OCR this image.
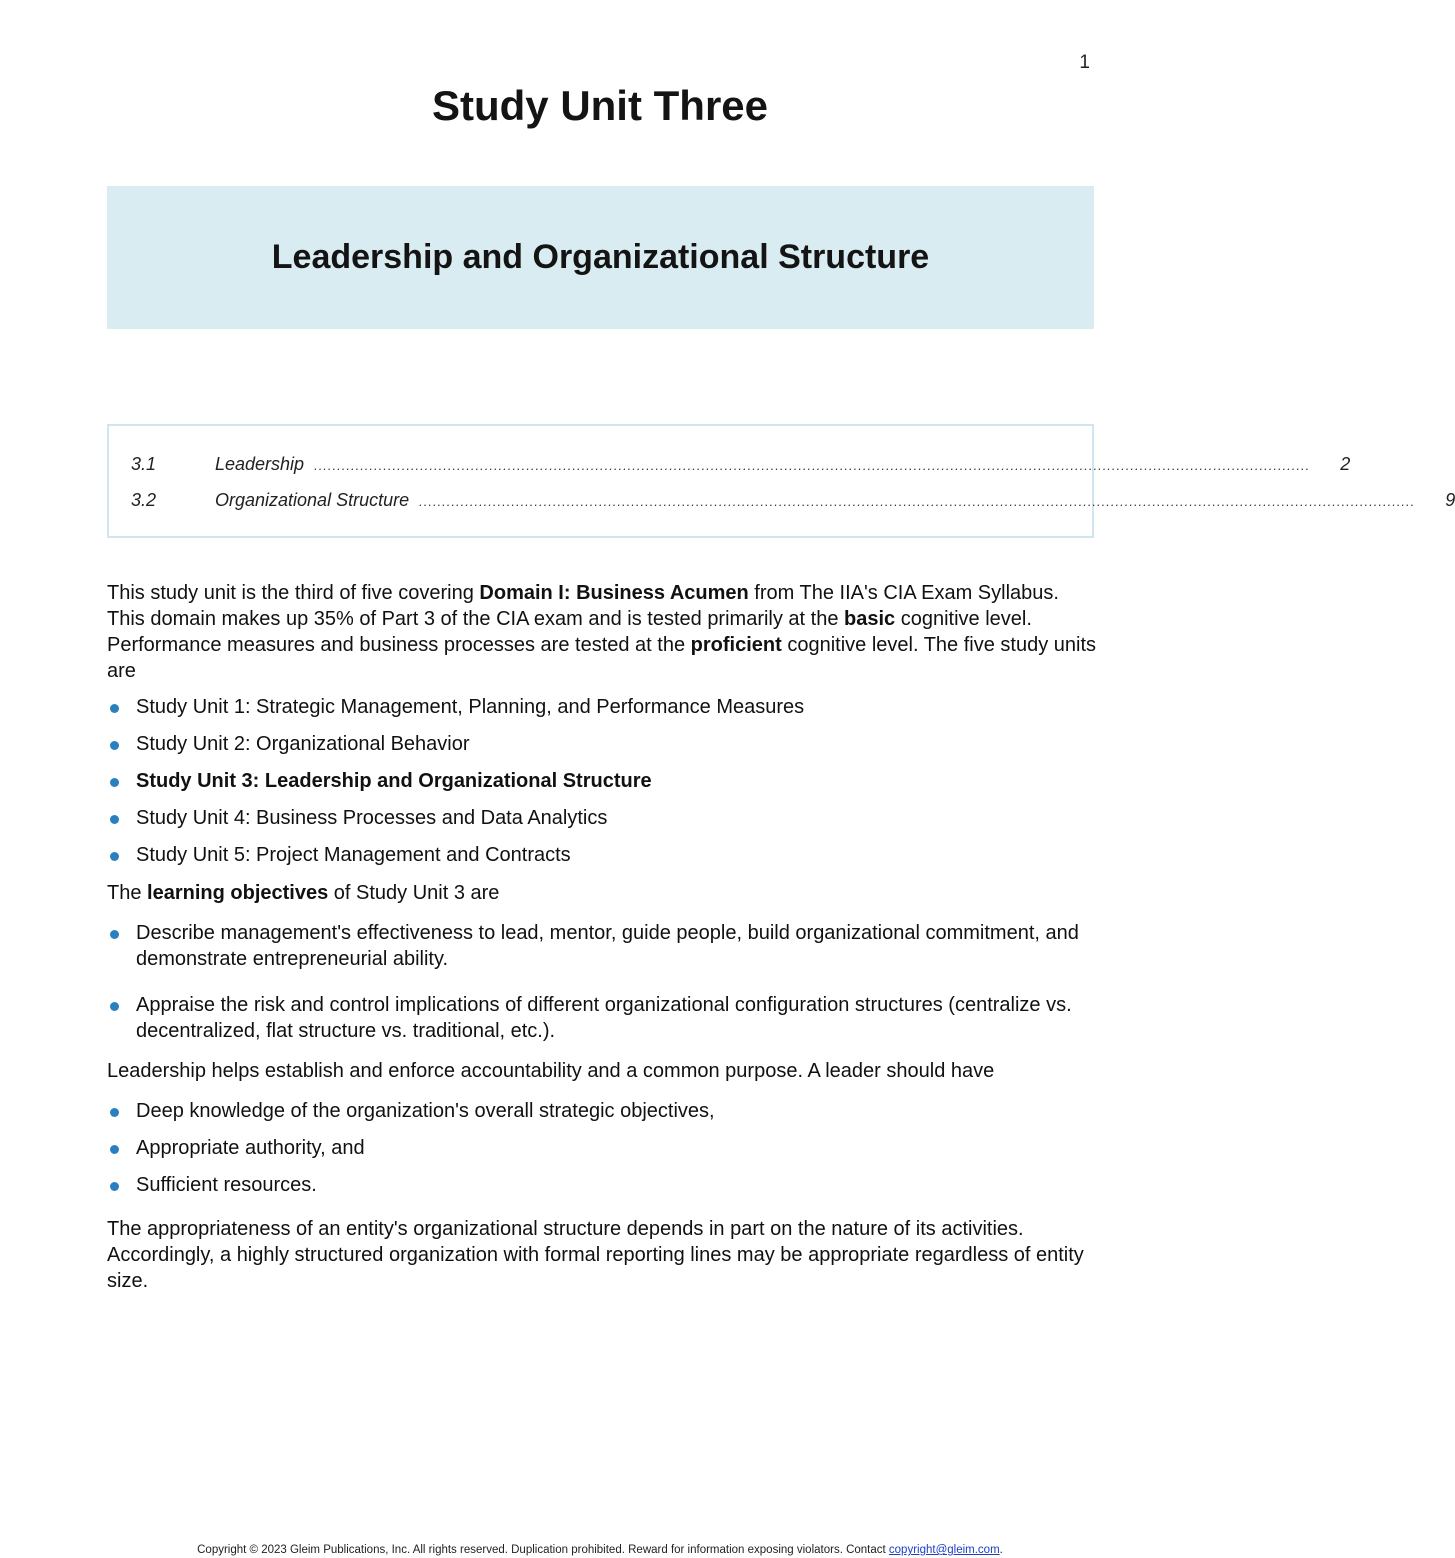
1
Study Unit Three
Leadership and Organizational Structure
3.1	Leadership ........................................................................................................................................................................................................................	2
3.2	Organizational Structure ........................................................................................................................................................................................................................	9

This study unit is the third of five covering Domain I: Business Acumen from The IIA's CIA Exam Syllabus. This domain makes up 35% of Part 3 of the CIA exam and is tested primarily at the basic cognitive level. Performance measures and business processes are tested at the proficient cognitive level. The five study units are

Study Unit 1: Strategic Management, Planning, and Performance Measures
Study Unit 2: Organizational Behavior
Study Unit 3: Leadership and Organizational Structure
Study Unit 4: Business Processes and Data Analytics
Study Unit 5: Project Management and Contracts

The learning objectives of Study Unit 3 are

Describe management's effectiveness to lead, mentor, guide people, build organizational commitment, and demonstrate entrepreneurial ability.
Appraise the risk and control implications of different organizational configuration structures (centralize vs. decentralized, flat structure vs. traditional, etc.).

Leadership helps establish and enforce accountability and a common purpose. A leader should have

Deep knowledge of the organization's overall strategic objectives,
Appropriate authority, and
Sufficient resources.

The appropriateness of an entity's organizational structure depends in part on the nature of its activities. Accordingly, a highly structured organization with formal reporting lines may be appropriate regardless of entity size.

Copyright © 2023 Gleim Publications, Inc. All rights reserved. Duplication prohibited. Reward for information exposing violators. Contact copyright@gleim.com.
